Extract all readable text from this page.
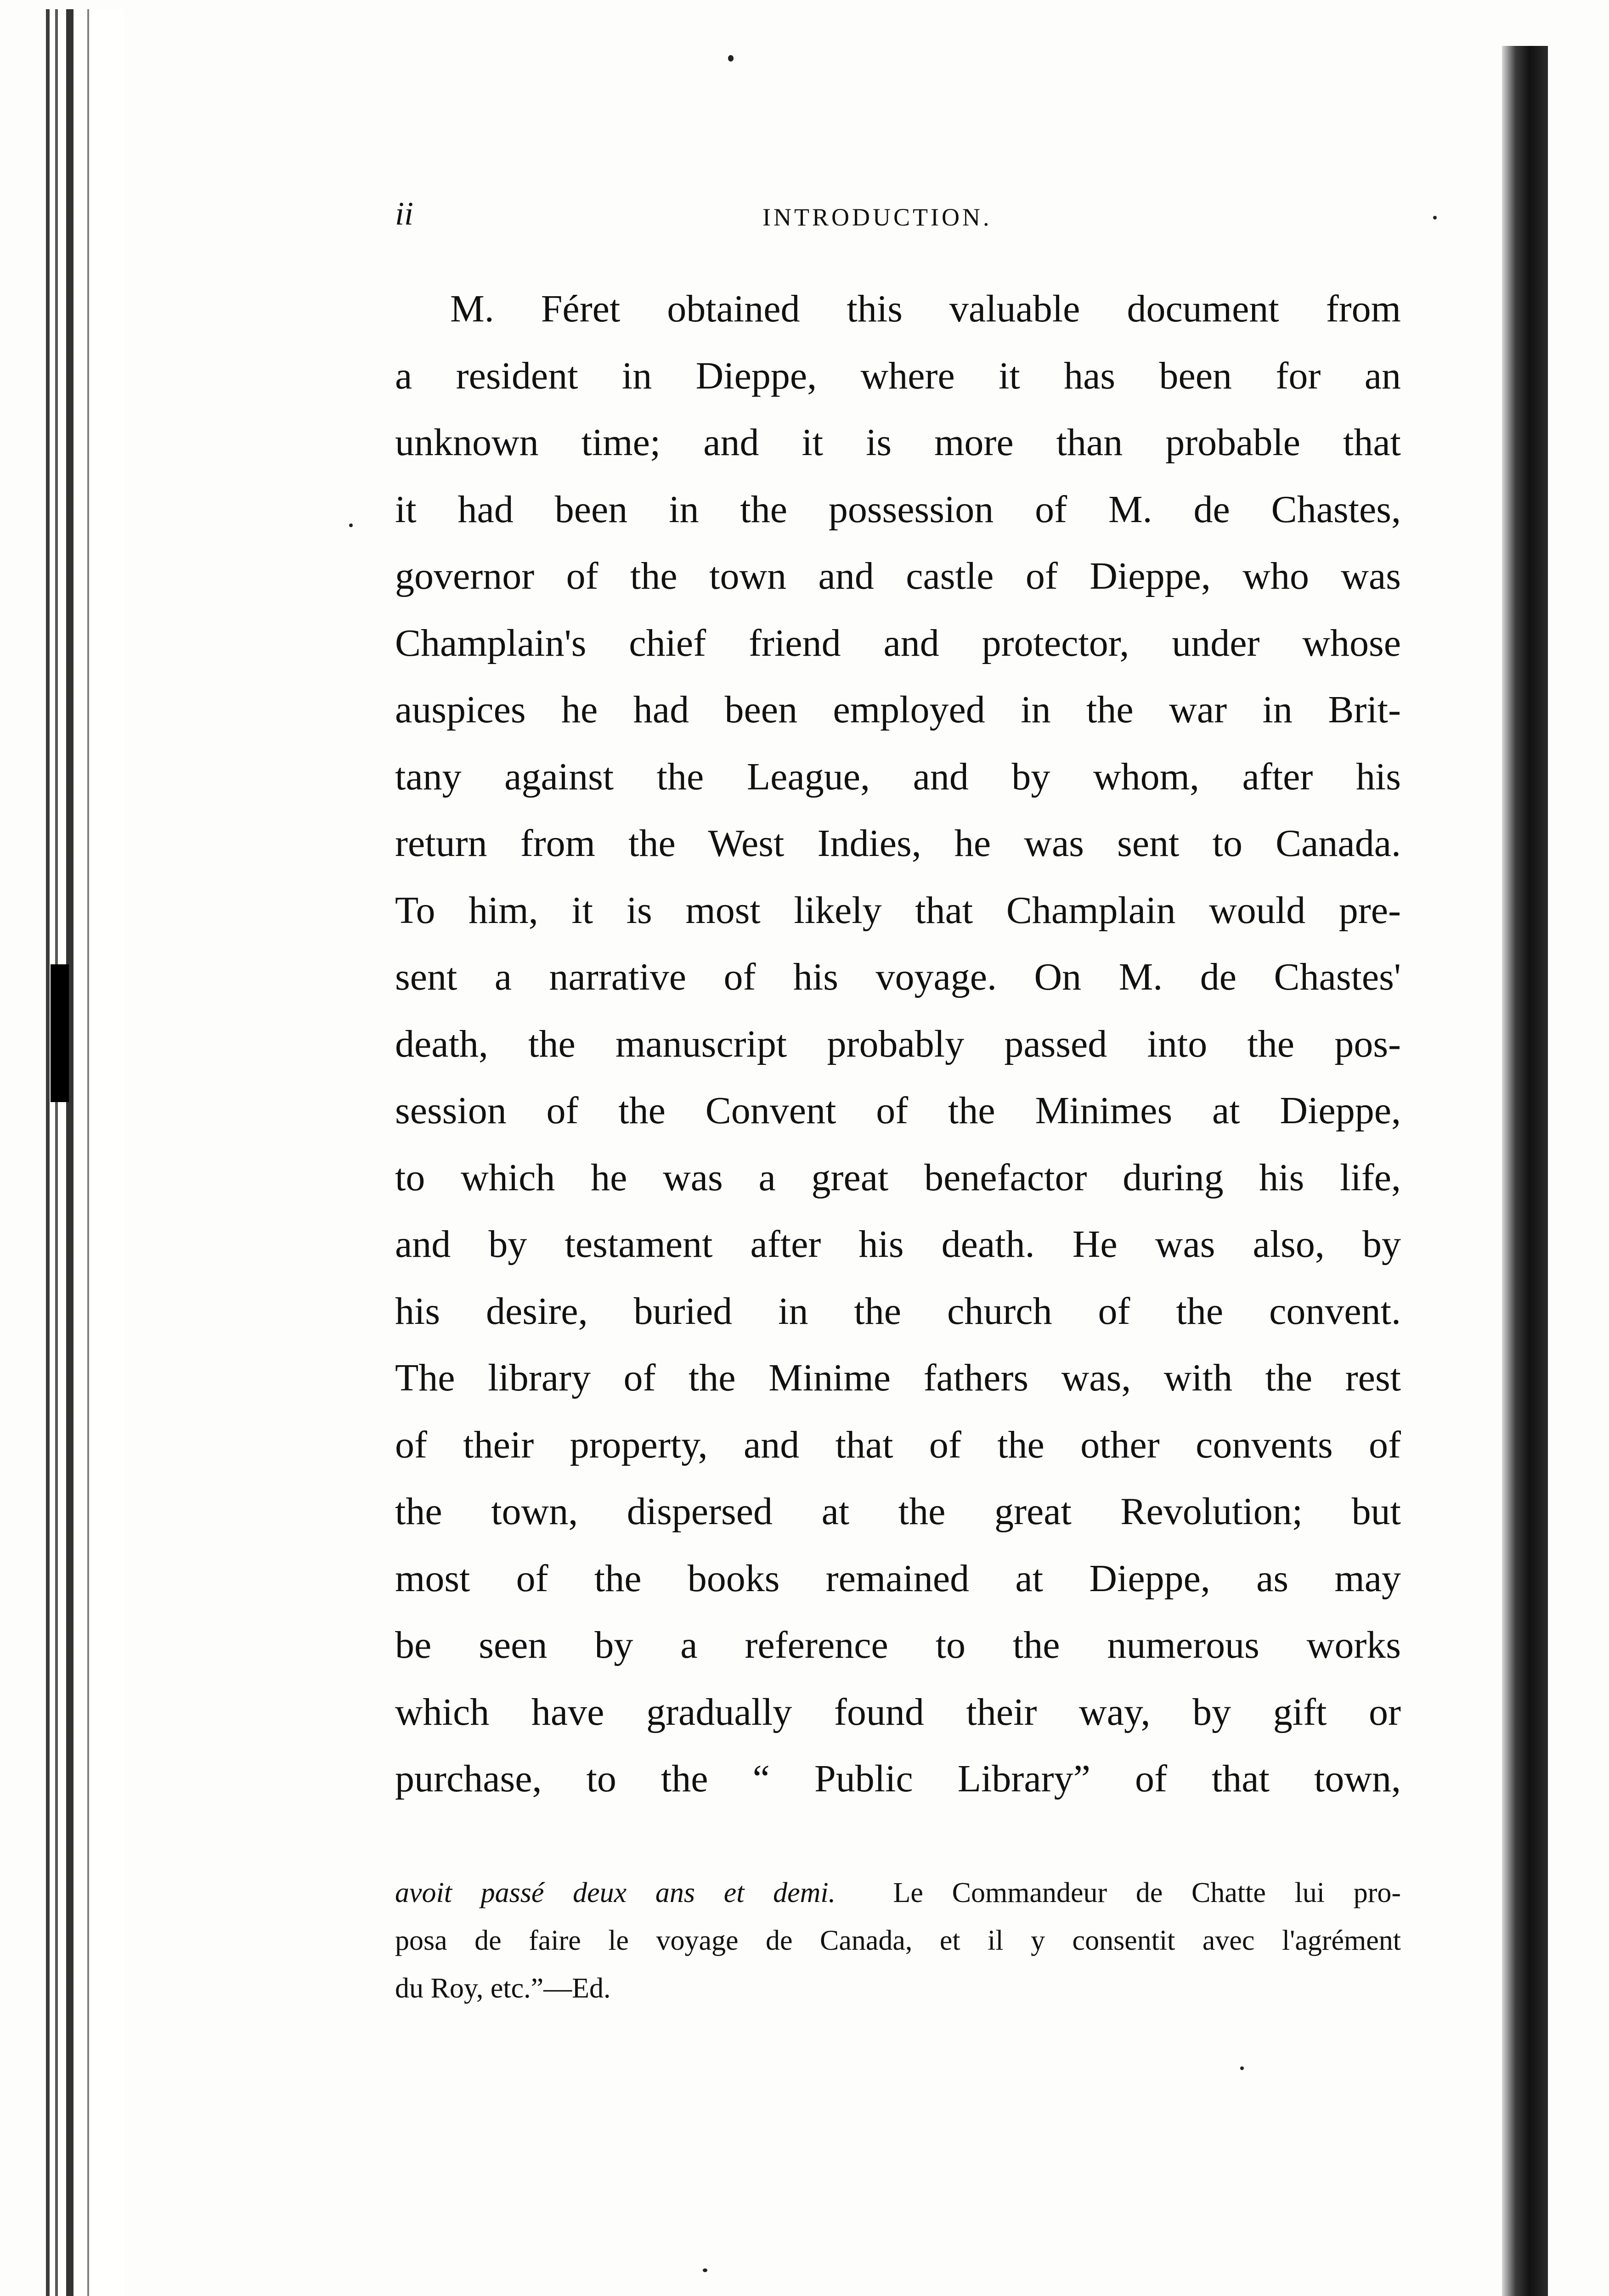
ii	INTRODUCTION.
M. Féret obtained this valuable document from
a resident in Dieppe, where it has been for an
unknown time; and it is more than probable that
it had been in the possession of M. de Chastes,
governor of the town and castle of Dieppe, who was
Champlain's chief friend and protector, under whose
auspices he had been employed in the war in Brit-
tany against the League, and by whom, after his
return from the West Indies, he was sent to Canada.
To him, it is most likely that Champlain would pre-
sent a narrative of his voyage. On M. de Chastes'
death, the manuscript probably passed into the pos-
session of the Convent of the Minimes at Dieppe,
to which he was a great benefactor during his life,
and by testament after his death. He was also, by
his desire, buried in the church of the convent.
The library of the Minime fathers was, with the rest
of their property, and that of the other convents of
the town, dispersed at the great Revolution; but
most of the books remained at Dieppe, as may
be seen by a reference to the numerous works
which have gradually found their way, by gift or
purchase, to the “ Public Library” of that town,
avoit passé deux ans et demi. Le Commandeur de Chatte lui pro-
posa de faire le voyage de Canada, et il y consentit avec l'agrément
du Roy, etc.”—Ed.
